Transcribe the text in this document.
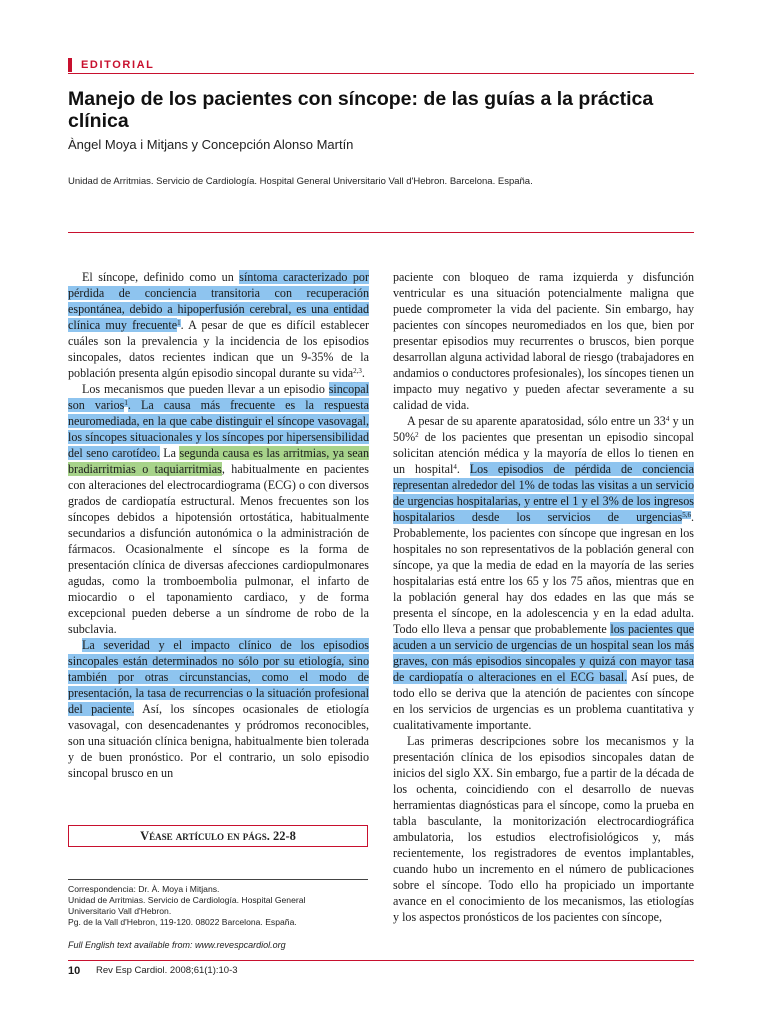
EDITORIAL
Manejo de los pacientes con síncope: de las guías a la práctica clínica
Àngel Moya i Mitjans y Concepción Alonso Martín
Unidad de Arritmias. Servicio de Cardiología. Hospital General Universitario Vall d'Hebron. Barcelona. España.

El síncope, definido como un síntoma caracterizado por pérdida de conciencia transitoria con recuperación espontánea, debido a hipoperfusión cerebral, es una entidad clínica muy frecuente$^1$. A pesar de que es difícil establecer cuáles son la prevalencia y la incidencia de los episodios sincopales, datos recientes indican que un 9-35% de la población presenta algún episodio sincopal durante su vida$^{2,3}$.

Los mecanismos que pueden llevar a un episodio sincopal son varios$^1$. La causa más frecuente es la respuesta neuromediada, en la que cabe distinguir el síncope vasovagal, los síncopes situacionales y los síncopes por hipersensibilidad del seno carotídeo. La segunda causa es las arritmias, ya sean bradiarritmias o taquiarritmias, habitualmente en pacientes con alteraciones del electrocardiograma (ECG) o con diversos grados de cardiopatía estructural. Menos frecuentes son los síncopes debidos a hipotensión ortostática, habitualmente secundarios a disfunción autonómica o la administración de fármacos. Ocasionalmente el síncope es la forma de presentación clínica de diversas afecciones cardiopulmonares agudas, como la tromboembolia pulmonar, el infarto de miocardio o el taponamiento cardiaco, y de forma excepcional pueden deberse a un síndrome de robo de la subclavia.

La severidad y el impacto clínico de los episodios sincopales están determinados no sólo por su etiología, sino también por otras circunstancias, como el modo de presentación, la tasa de recurrencias o la situación profesional del paciente. Así, los síncopes ocasionales de etiología vasovagal, con desencadenantes y pródromos reconocibles, son una situación clínica benigna, habitualmente bien tolerada y de buen pronóstico. Por el contrario, un solo episodio sincopal brusco en un

paciente con bloqueo de rama izquierda y disfunción ventricular es una situación potencialmente maligna que puede comprometer la vida del paciente. Sin embargo, hay pacientes con síncopes neuromediados en los que, bien por presentar episodios muy recurrentes o bruscos, bien porque desarrollan alguna actividad laboral de riesgo (trabajadores en andamios o conductores profesionales), los síncopes tienen un impacto muy negativo y pueden afectar severamente a su calidad de vida.

A pesar de su aparente aparatosidad, sólo entre un $33^4$ y un 50%$^2$ de los pacientes que presentan un episodio sincopal solicitan atención médica y la mayoría de ellos lo tienen en un hospital$^4$. Los episodios de pérdida de conciencia representan alrededor del 1% de todas las visitas a un servicio de urgencias hospitalarias, y entre el 1 y el 3% de los ingresos hospitalarios desde los servicios de urgencias$^{5,6}$. Probablemente, los pacientes con síncope que ingresan en los hospitales no son representativos de la población general con síncope, ya que la media de edad en la mayoría de las series hospitalarias está entre los 65 y los 75 años, mientras que en la población general hay dos edades en las que más se presenta el síncope, en la adolescencia y en la edad adulta. Todo ello lleva a pensar que probablemente los pacientes que acuden a un servicio de urgencias de un hospital sean los más graves, con más episodios sincopales y quizá con mayor tasa de cardiopatía o alteraciones en el ECG basal. Así pues, de todo ello se deriva que la atención de pacientes con síncope en los servicios de urgencias es un problema cuantitativa y cualitativamente importante.

Las primeras descripciones sobre los mecanismos y la presentación clínica de los episodios sincopales datan de inicios del siglo XX. Sin embargo, fue a partir de la década de los ochenta, coincidiendo con el desarrollo de nuevas herramientas diagnósticas para el síncope, como la prueba en tabla basculante, la monitorización electrocardiográfica ambulatoria, los estudios electrofisiológicos y, más recientemente, los registradores de eventos implantables, cuando hubo un incremento en el número de publicaciones sobre el síncope. Todo ello ha propiciado un importante avance en el conocimiento de los mecanismos, las etiologías y los aspectos pronósticos de los pacientes con síncope,

Véase artículo en págs. 22-8
Correspondencia: Dr. À. Moya i Mitjans.
Unidad de Arritmias. Servicio de Cardiología. Hospital General
Universitario Vall d'Hebron.
Pg. de la Vall d'Hebron, 119-120. 08022 Barcelona. España.
Full English text available from: www.revespcardiol.org
10 Rev Esp Cardiol. 2008;61(1):10-3
